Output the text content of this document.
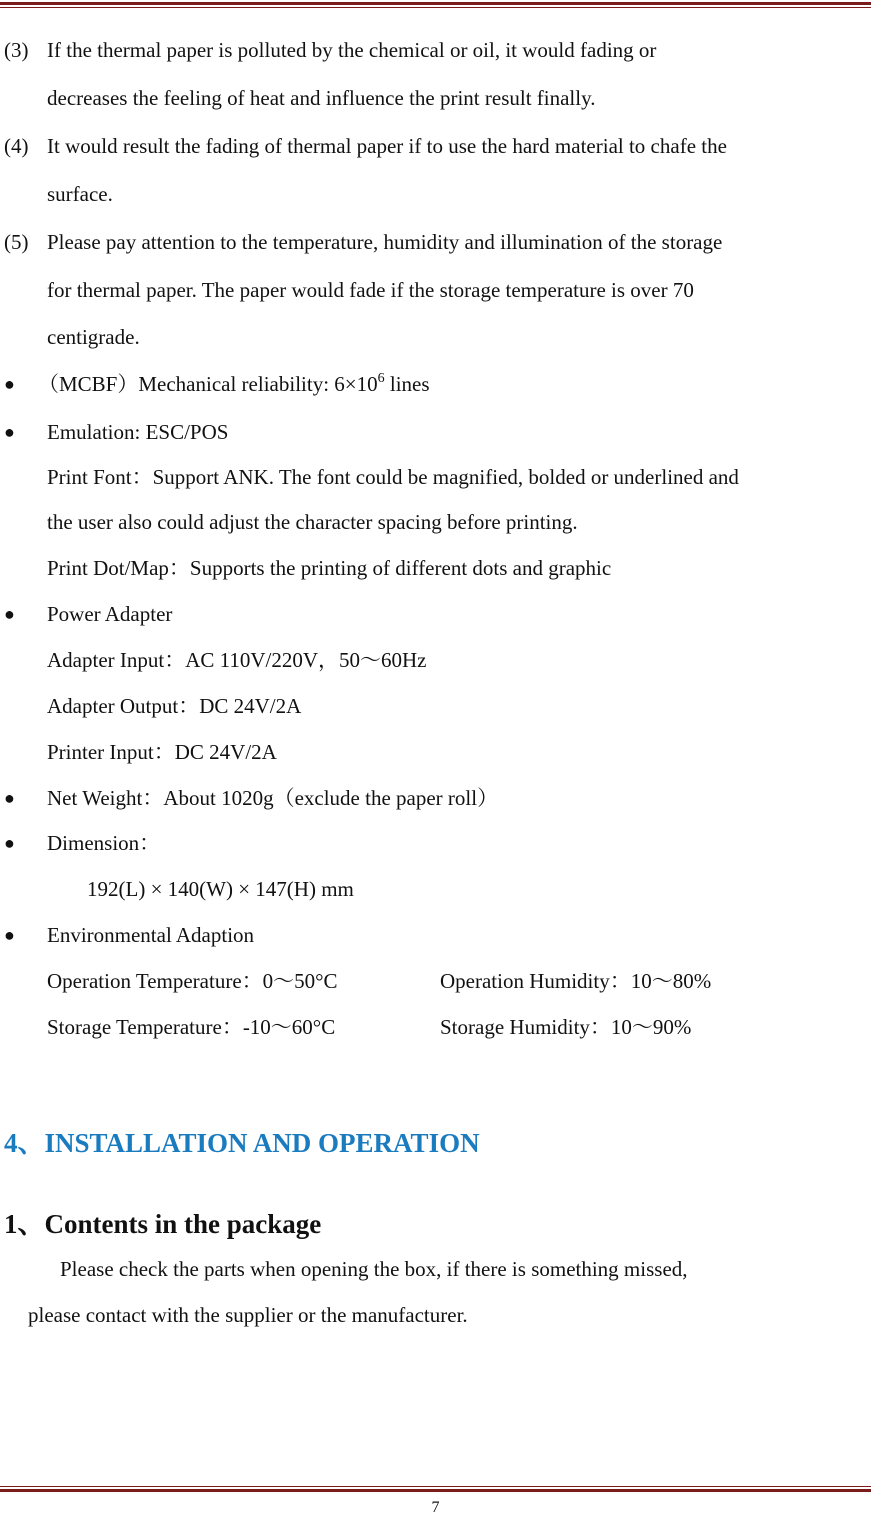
(3) If the thermal paper is polluted by the chemical or oil, it would fading or
decreases the feeling of heat and influence the print result finally.
(4) It would result the fading of thermal paper if to use the hard material to chafe the
surface.
(5) Please pay attention to the temperature, humidity and illumination of the storage
for thermal paper. The paper would fade if the storage temperature is over 70
centigrade.
● （MCBF）Mechanical reliability: $6\times 10^6$ lines
● Emulation: ESC/POS
Print Font：Support ANK. The font could be magnified, bolded or underlined and
the user also could adjust the character spacing before printing.
Print Dot/Map：Supports the printing of different dots and graphic
● Power Adapter
Adapter Input：AC 110V/220V，50～60Hz
Adapter Output：DC 24V/2A
Printer Input：DC 24V/2A
● Net Weight：About 1020g（exclude the paper roll）
● Dimension：
192(L) × 140(W) × 147(H) mm
● Environmental Adaption
Operation Temperature：0～50°C	Operation Humidity：10～80%
Storage Temperature：-10～60°C	Storage Humidity：10～90%
4、INSTALLATION AND OPERATION
1、Contents in the package
Please check the parts when opening the box, if there is something missed,
please contact with the supplier or the manufacturer.
7
